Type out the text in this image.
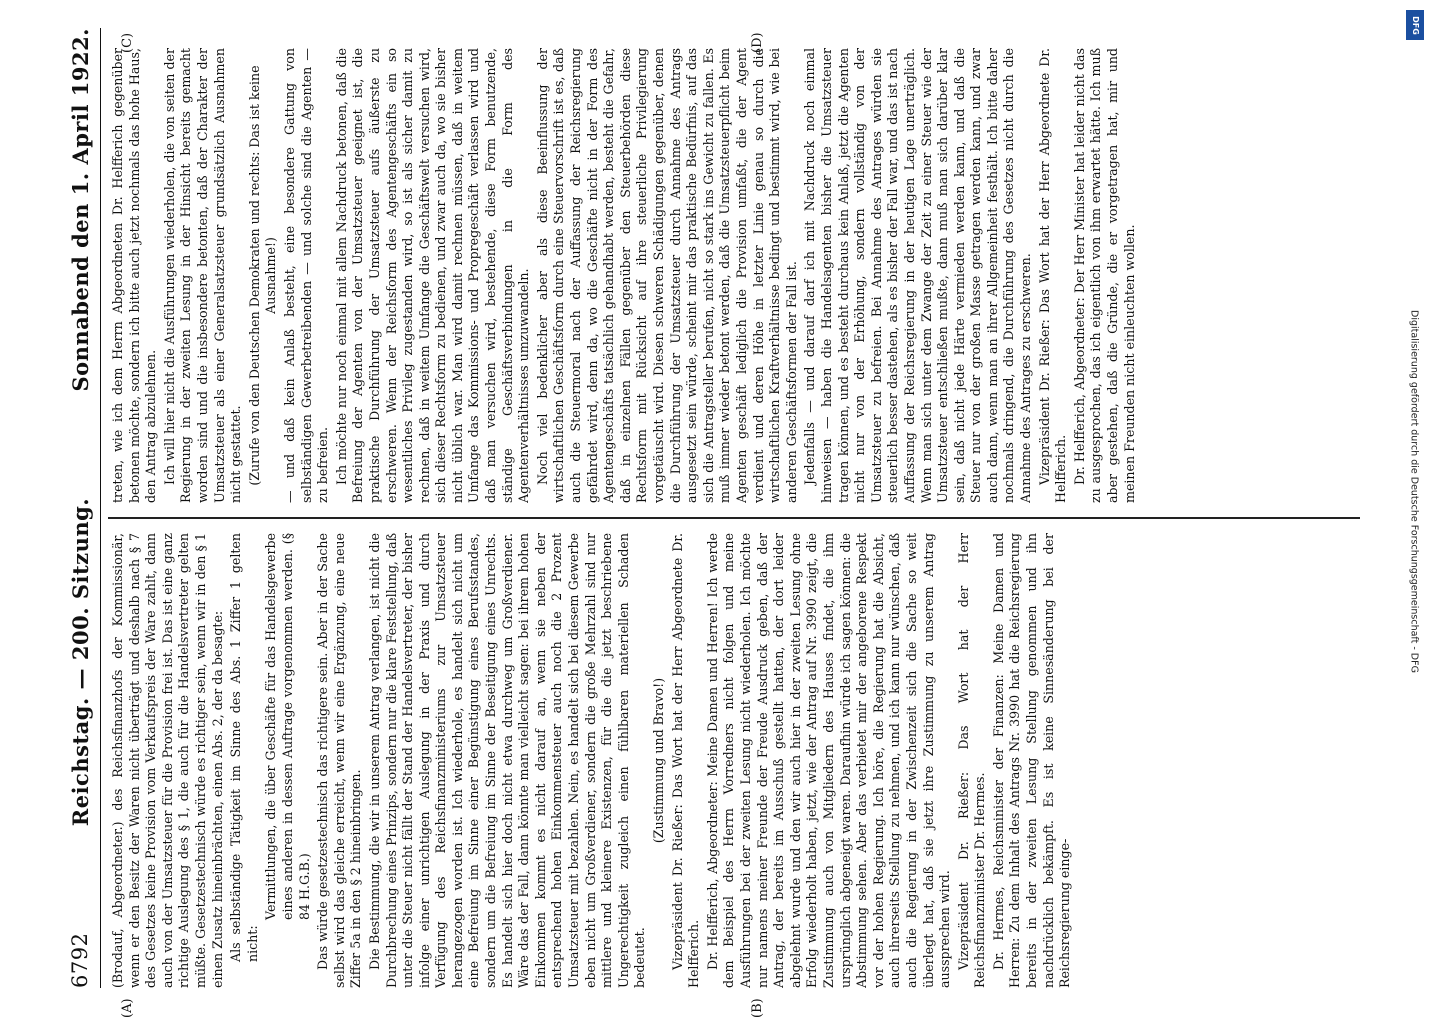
6792
Reichstag. — 200. Sitzung.
Sonnabend den 1. April 1922.

(Brodauf, Abgeordneter.) des Reichsfinanzhofs der Kommissionär, wenn er den Besitz der Waren nicht überträgt und deshalb nach § 7 des Gesetzes keine Provision vom Verkaufspreis der Ware zahlt, dann auch von der Umsatzsteuer für die Provision frei ist. Das ist eine ganz richtige Auslegung des § 1, die auch für die Handelsvertreter gelten müßte. Gesetzestechnisch würde es richtiger sein, wenn wir in den § 1 einen Zusatz hineinbrächten, einen Abs. 2, der da besagte: Als selbständige Tätigkeit im Sinne des Abs. 1 Ziffer 1 gelten nicht:

Vermittlungen, die über Geschäfte für das Handelsgewerbe eines anderen in dessen Auftrage vorgenommen werden. (§ 84 H.G.B.) Das würde gesetzestechnisch das richtigere sein. Aber in der Sache selbst wird das gleiche erreicht, wenn wir eine Ergänzung, eine neue Ziffer 5a in den § 2 hineinbringen. Die Bestimmung, die wir in unserem Antrag verlangen, ist nicht die Durchbrechung eines Prinzips, sondern nur die klare Feststellung, daß unter die Steuer nicht fällt der Stand der Handelsvertreter, der bisher infolge einer unrichtigen Auslegung in der Praxis und durch Verfügung des Reichsfinanzministeriums zur Umsatzsteuer herangezogen worden ist. Ich wiederhole, es handelt sich nicht um eine Befreiung im Sinne einer Begünstigung eines Berufsstandes, sondern um die Befreiung im Sinne der Beseitigung eines Unrechts. Es handelt sich hier doch nicht etwa durchweg um Großverdiener. Wäre das der Fall, dann könnte man vielleicht sagen: bei ihrem hohen Einkommen kommt es nicht darauf an, wenn sie neben der entsprechend hohen Einkommensteuer auch noch die 2 Prozent Umsatzsteuer mit bezahlen. Nein, es handelt sich bei diesem Gewerbe eben nicht um Großverdiener, sondern die große Mehrzahl sind nur mittlere und kleinere Existenzen, für die die jetzt beschriebene Ungerechtigkeit zugleich einen fühlbaren materiellen Schaden bedeutet.

(Zustimmung und Bravo!) Vizepräsident Dr. Rießer: Das Wort hat der Herr Abgeordnete Dr. Helfferich. Dr. Helfferich, Abgeordneter: Meine Damen und Herren! Ich werde dem Beispiel des Herrn Vorredners nicht folgen und meine Ausführungen bei der zweiten Lesung nicht wiederholen. Ich möchte nur namens meiner Freunde der Freude Ausdruck geben, daß der Antrag, der bereits im Ausschuß gestellt hatten, der dort leider abgelehnt wurde und den wir auch hier in der zweiten Lesung ohne Erfolg wiederholt haben, jetzt, wie der Antrag auf Nr. 3990 zeigt, die Zustimmung auch von Mitgliedern des Hauses findet, die ihm ursprünglich abgeneigt waren. Daraufhin würde ich sagen können: die Abstimmung sehen. Aber das verbietet mir der angeborene Respekt vor der hohen Regierung. Ich höre, die Regierung hat die Absicht, auch ihrerseits Stellung zu nehmen, und ich kann nur wünschen, daß auch die Regierung in der Zwischenzeit sich die Sache so weit überlegt hat, daß sie jetzt ihre Zustimmung zu unserem Antrag aussprechen wird. Vizepräsident Dr. Rießer: Das Wort hat der Herr Reichsfinanzminister Dr. Hermes. Dr. Hermes, Reichsminister der Finanzen: Meine Damen und Herren: Zu dem Inhalt des Antrags Nr. 3990 hat die Reichsregierung bereits in der zweiten Lesung Stellung genommen und ihn nachdrücklich bekämpft. Es ist keine Sinnesänderung bei der Reichsregierung einge-

treten, wie ich dem Herrn Abgeordneten Dr. Helfferich gegenüber betonen möchte, sondern ich bitte auch jetzt nochmals das hohe Haus, den Antrag abzulehnen. Ich will hier nicht die Ausführungen wiederholen, die von seiten der Regierung in der zweiten Lesung in der Hinsicht bereits gemacht worden sind und die insbesondere betonten, daß der Charakter der Umsatzsteuer als einer Generalsatzsteuer grundsätzlich Ausnahmen nicht gestattet. (Zurufe von den Deutschen Demokraten und rechts: Das ist keine Ausnahme!) — und daß kein Anlaß besteht, eine besondere Gattung von selbständigen Gewerbetreibenden — und solche sind die Agenten — zu befreien. Ich möchte nur noch einmal mit allem Nachdruck betonen, daß die Befreiung der Agenten von der Umsatzsteuer geeignet ist, die praktische Durchführung der Umsatzsteuer aufs äußerste zu erschweren. Wenn der Reichsform des Agentengeschäfts ein so wesentliches Privileg zugestanden wird, so ist als sicher damit zu rechnen, daß in weitem Umfange die Geschäftswelt versuchen wird, sich dieser Rechtsform zu bedienen, und zwar auch da, wo sie bisher nicht üblich war. Man wird damit rechnen müssen, daß in weitem Umfange das Kommissions- und Propregeschäft verlassen wird und daß man versuchen wird, bestehende, diese Form benutzende, ständige Geschäftsverbindungen in die Form des Agentenverhältnisses umzuwandeln. Noch viel bedenklicher aber als diese Beeinflussung der wirtschaftlichen Geschäftsform durch eine Steuervorschrift ist es, daß auch die Steuermoral nach der Auffassung der Reichsregierung gefährdet wird, denn da, wo die Geschäfte nicht in der Form des Agentengeschäfts tatsächlich gehandhabt werden, besteht die Gefahr, daß in einzelnen Fällen gegenüber den Steuerbehörden diese Rechtsform mit Rücksicht auf ihre steuerliche Privilegierung vorgetäuscht wird. Diesen schweren Schädigungen gegenüber, denen die Durchführung der Umsatzsteuer durch Annahme des Antrags ausgesetzt sein würde, scheint mir das praktische Bedürfnis, auf das sich die Antragsteller berufen, nicht so stark ins Gewicht zu fallen. Es muß immer wieder betont werden, daß die Umsatzsteuerpflicht beim Agenten geschäft lediglich die Provision umfaßt, die der Agent verdient und deren Höhe in letzter Linie genau so durch die wirtschaftlichen Kraftverhältnisse bedingt und bestimmt wird, wie bei anderen Geschäftsformen der Fall ist. Jedenfalls — und darauf darf ich mit Nachdruck noch einmal hinweisen — haben die Handelsagenten bisher die Umsatzsteuer tragen können, und es besteht durchaus kein Anlaß, jetzt die Agenten nicht nur von der Erhöhung, sondern vollständig von der Umsatzsteuer zu befreien. Bei Annahme des Antrages würden sie steuerlich besser dastehen, als es bisher der Fall war, und das ist nach Auffassung der Reichsregierung in der heutigen Lage unerträglich. Wenn man sich unter dem Zwange der Zeit zu einer Steuer wie der Umsatzsteuer entschließen mußte, dann muß man sich darüber klar sein, daß nicht jede Härte vermieden werden kann, und daß die Steuer nur von der großen Masse getragen werden kann, und zwar auch dann, wenn man an ihrer Allgemeinheit festhält. Ich bitte daher nochmals dringend, die Durchführung des Gesetzes nicht durch die Annahme des Antrages zu erschweren. Vizepräsident Dr. Rießer: Das Wort hat der Herr Abgeordnete Dr. Helfferich. Dr. Helfferich, Abgeordneter: Der Herr Minister hat leider nicht das zu ausgesprochen, das ich eigentlich von ihm erwartet hätte. Ich muß aber gestehen, daß die Gründe, die er vorgetragen hat, mir und meinen Freunden nicht einleuchten wollen.

(A)	(B)
(C)	(D)
DFG
Digitalisierung gefördert durch die Deutsche Forschungsgemeinschaft - DFG
